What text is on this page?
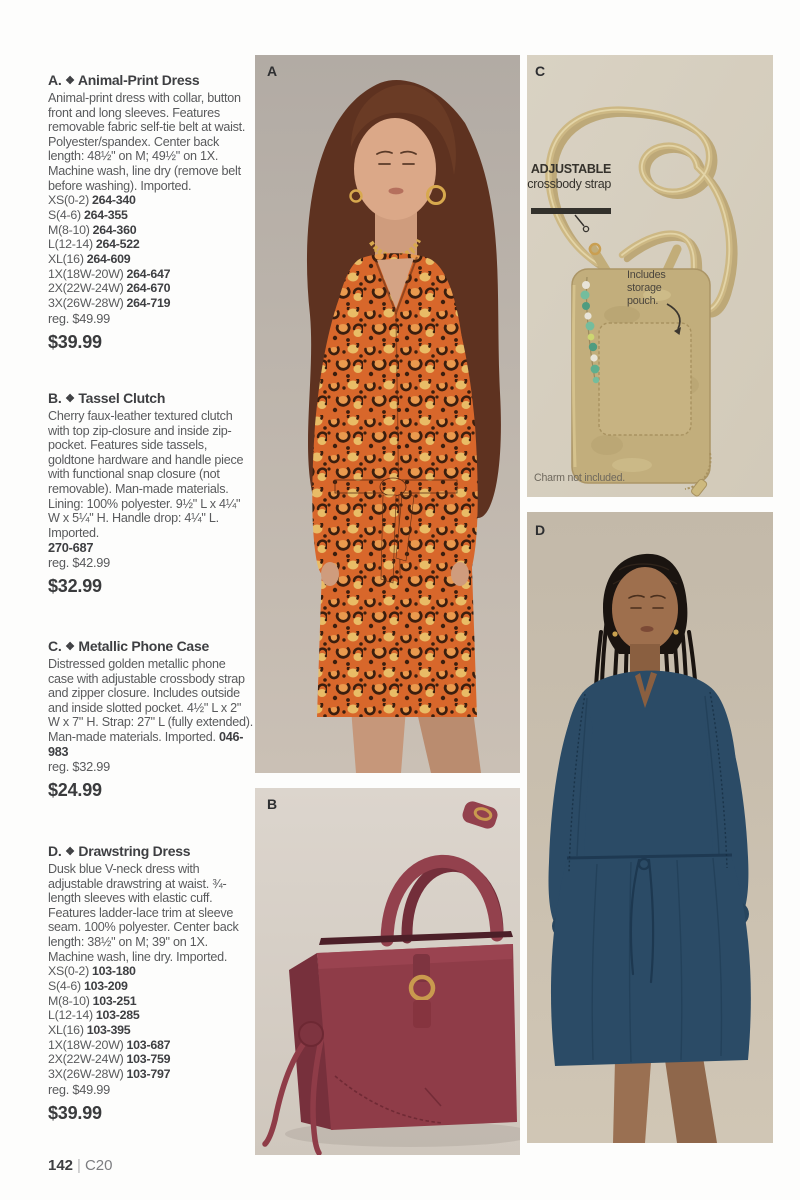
A. ❖ Animal-Print Dress
Animal-print dress with collar, button front and long sleeves. Features removable fabric self-tie belt at waist. Polyester/spandex. Center back length: 48½" on M; 49½" on 1X. Machine wash, line dry (remove belt before washing). Imported.
XS(0-2) 264-340
S(4-6) 264-355
M(8-10) 264-360
L(12-14) 264-522
XL(16) 264-609
1X(18W-20W) 264-647
2X(22W-24W) 264-670
3X(26W-28W) 264-719
reg. $49.99
$39.99
B. ❖ Tassel Clutch
Cherry faux-leather textured clutch with top zip-closure and inside zip-pocket. Features side tassels, goldtone hardware and handle piece with functional snap closure (not removable). Man-made materials. Lining: 100% polyester. 9½" L x 4¼" W x 5¼" H. Handle drop: 4¼" L. Imported.
270-687
reg. $42.99
$32.99
C. ❖ Metallic Phone Case
Distressed golden metallic phone case with adjustable crossbody strap and zipper closure. Includes outside and inside slotted pocket. 4½" L x 2" W x 7" H. Strap: 27" L (fully extended). Man-made materials. Imported. 046-983
reg. $32.99
$24.99
D. ❖ Drawstring Dress
Dusk blue V-neck dress with adjustable drawstring at waist. ¾-length sleeves with elastic cuff. Features ladder-lace trim at sleeve seam. 100% polyester. Center back length: 38½" on M; 39" on 1X. Machine wash, line dry. Imported.
XS(0-2) 103-180
S(4-6) 103-209
M(8-10) 103-251
L(12-14) 103-285
XL(16) 103-395
1X(18W-20W) 103-687
2X(22W-24W) 103-759
3X(26W-28W) 103-797
reg. $49.99
$39.99
A
B
C
ADJUSTABLE crossbody strap
Includes storage pouch.
Charm not included.
D
142 | C20
